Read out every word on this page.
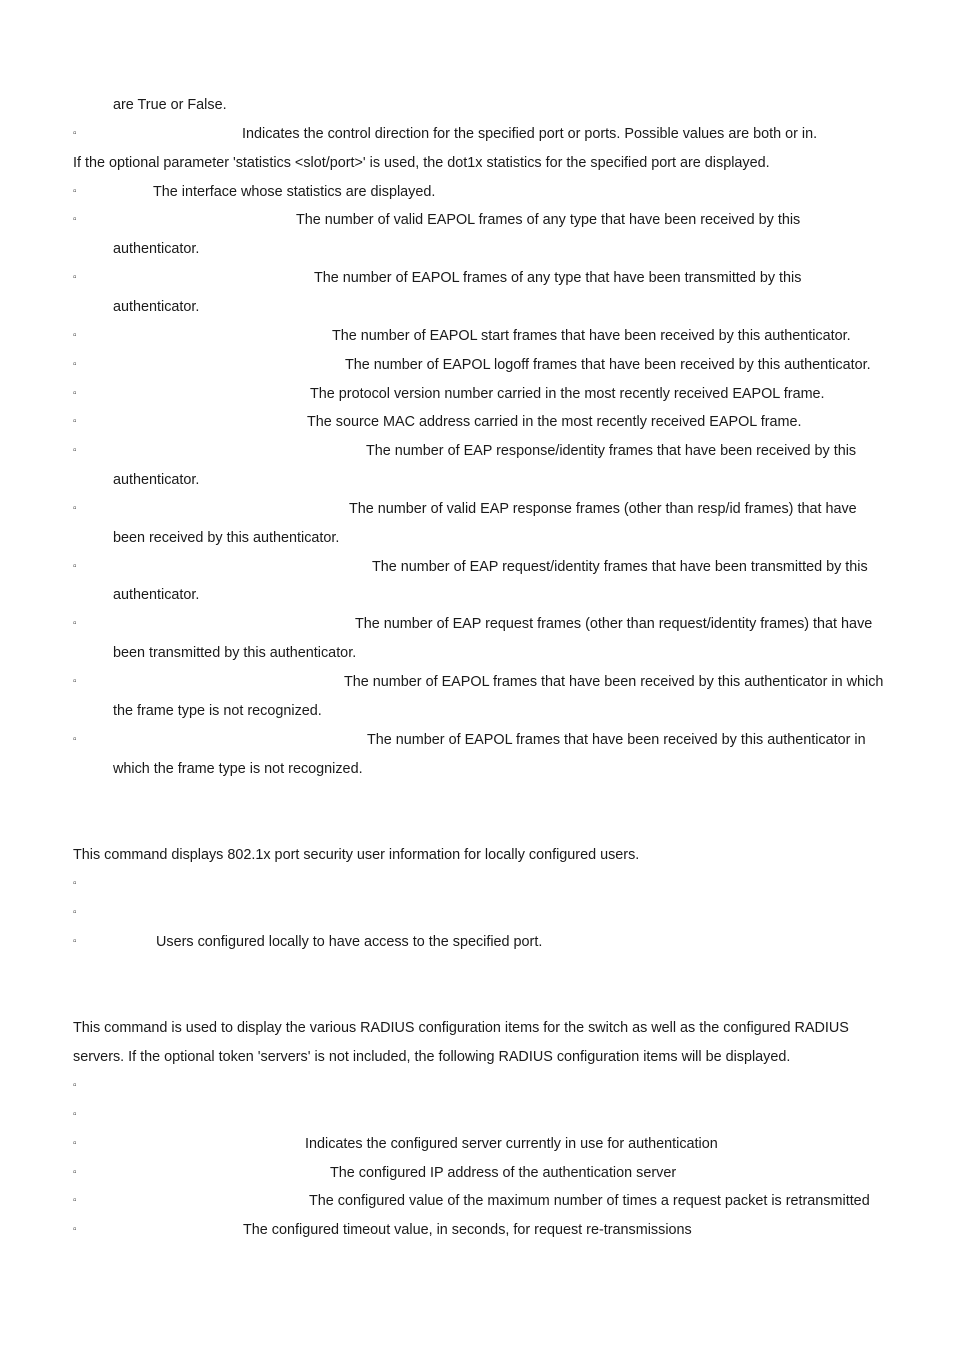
are True or False.
▫	Indicates the control direction for the specified port or ports. Possible values are both or in.
If the optional parameter 'statistics <slot/port>' is used, the dot1x statistics for the specified port are displayed.
▫	The interface whose statistics are displayed.
▫	The number of valid EAPOL frames of any type that have been received by this
authenticator.
▫	The number of EAPOL frames of any type that have been transmitted by this
authenticator.
▫	The number of EAPOL start frames that have been received by this authenticator.
▫	The number of EAPOL logoff frames that have been received by this authenticator.
▫	The protocol version number carried in the most recently received EAPOL frame.
▫	The source MAC address carried in the most recently received EAPOL frame.
▫	The number of EAP response/identity frames that have been received by this
authenticator.
▫	The number of valid EAP response frames (other than resp/id frames) that have
been received by this authenticator.
▫	The number of EAP request/identity frames that have been transmitted by this
authenticator.
▫	The number of EAP request frames (other than request/identity frames) that have
been transmitted by this authenticator.
▫	The number of EAPOL frames that have been received by this authenticator in which
the frame type is not recognized.
▫	The number of EAPOL frames that have been received by this authenticator in
which the frame type is not recognized.
This command displays 802.1x port security user information for locally configured users.
▫
▫
▫	Users configured locally to have access to the specified port.
This command is used to display the various RADIUS configuration items for the switch as well as the configured RADIUS
servers. If the optional token 'servers' is not included, the following RADIUS configuration items will be displayed.
▫
▫
▫	Indicates the configured server currently in use for authentication
▫	The configured IP address of the authentication server
▫	The configured value of the maximum number of times a request packet is retransmitted
▫	The configured timeout value, in seconds, for request re-transmissions
